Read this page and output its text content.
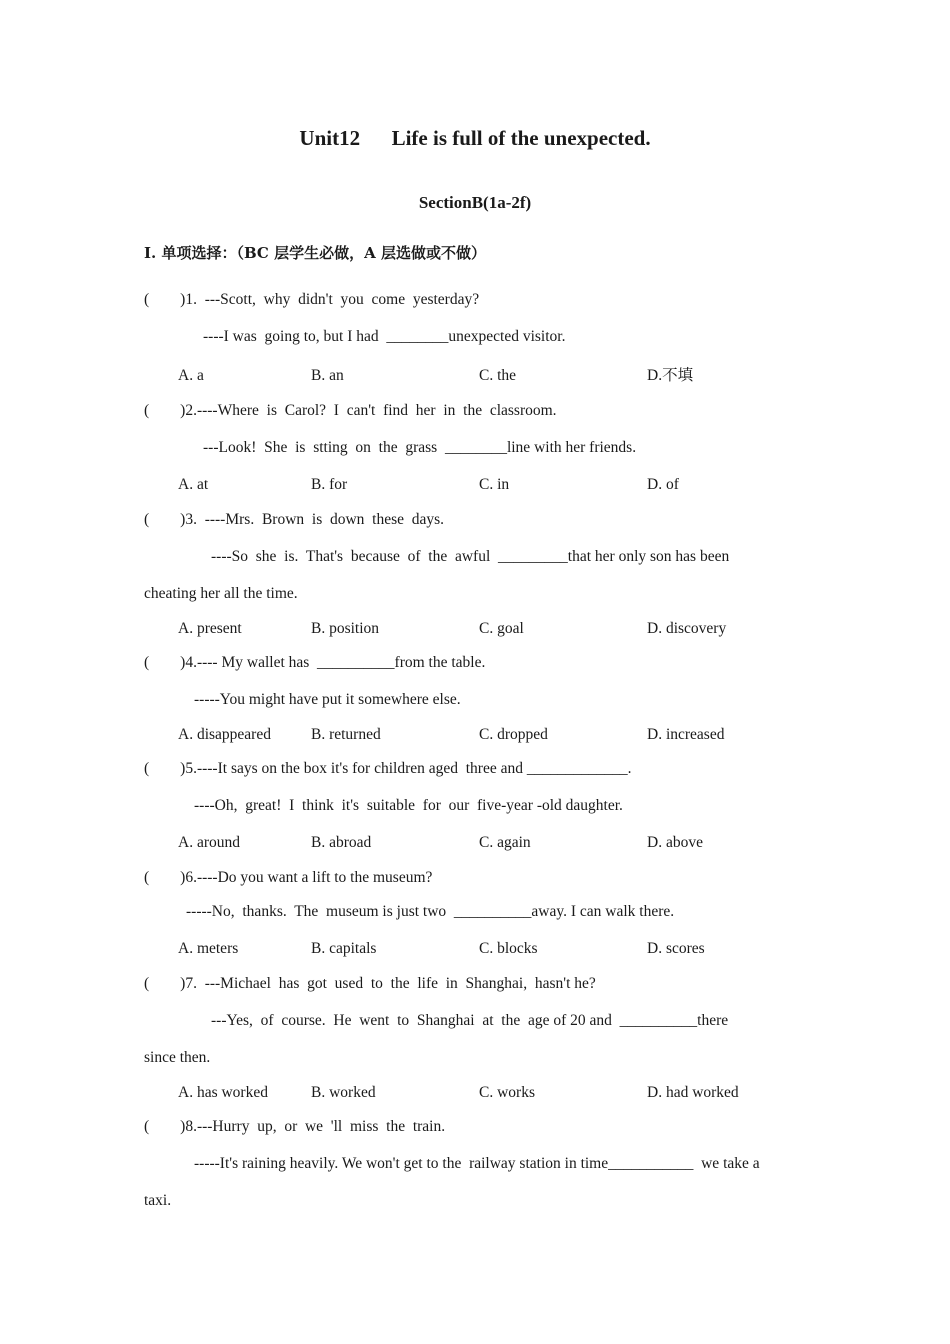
Unit12      Life is full of the unexpected.
SectionB(1a-2f)
I. 单项选择：（BC 层学生必做，A 层选做或不做）
(        )1.  ---Scott,  why  didn't  you  come  yesterday?
----I was  going to, but I had  ________unexpected visitor.
A. a	B. an	C. the	D.不填
(        )2.----Where  is  Carol?  I  can't  find  her  in  the  classroom.
---Look!  She  is  stting  on  the  grass  ________line with her friends.
A. at	B. for	C. in	D. of
(        )3.  ----Mrs.  Brown  is  down  these  days.
----So  she  is.  That's  because  of  the  awful  _________that her only son has been
cheating her all the time.
A. present	B. position	C. goal	D. discovery
(        )4.---- My wallet has  __________from the table.
-----You might have put it somewhere else.
A. disappeared	B. returned	C. dropped	D. increased
(        )5.----It says on the box it's for children aged  three and _____________.
----Oh,  great!  I  think  it's  suitable  for  our  five-year -old daughter.
A. around	B. abroad	C. again	D. above
(        )6.----Do you want a lift to the museum?
-----No,  thanks.  The  museum is just two  __________away. I can walk there.
A. meters	B. capitals	C. blocks	D. scores
(        )7.  ---Michael  has  got  used  to  the  life  in  Shanghai,  hasn't he?
---Yes,  of  course.  He  went  to  Shanghai  at  the  age of 20 and  __________there
since then.
A. has worked	B. worked	C. works	D. had worked
(        )8.---Hurry  up,  or  we  'll  miss  the  train.
-----It's raining heavily. We won't get to the  railway station in time___________  we take a
taxi.
